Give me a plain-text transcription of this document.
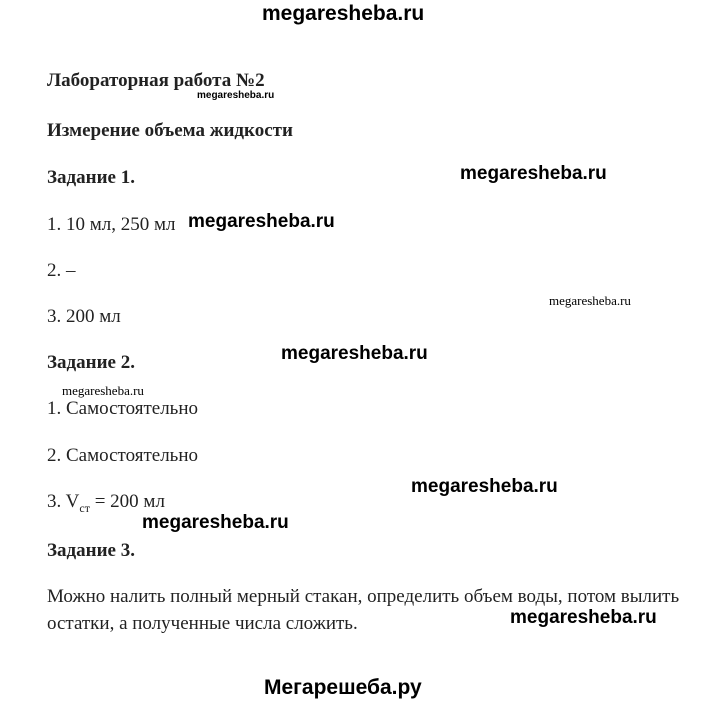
megaresheba.ru
Лабораторная работа №2
megaresheba.ru
Измерение объема жидкости
Задание 1.	megaresheba.ru
1. 10 мл, 250 мл megaresheba.ru
2. –
megaresheba.ru
3. 200 мл
Задание 2.	megaresheba.ru
megaresheba.ru
1. Самостоятельно
2. Самостоятельно
megaresheba.ru
3. $V_{ст} = 200$ мл
megaresheba.ru
Задание 3.
Можно налить полный мерный стакан, определить объем воды, потом вылить остатки, а полученные числа сложить.	megaresheba.ru
Мегарешеба.ру
